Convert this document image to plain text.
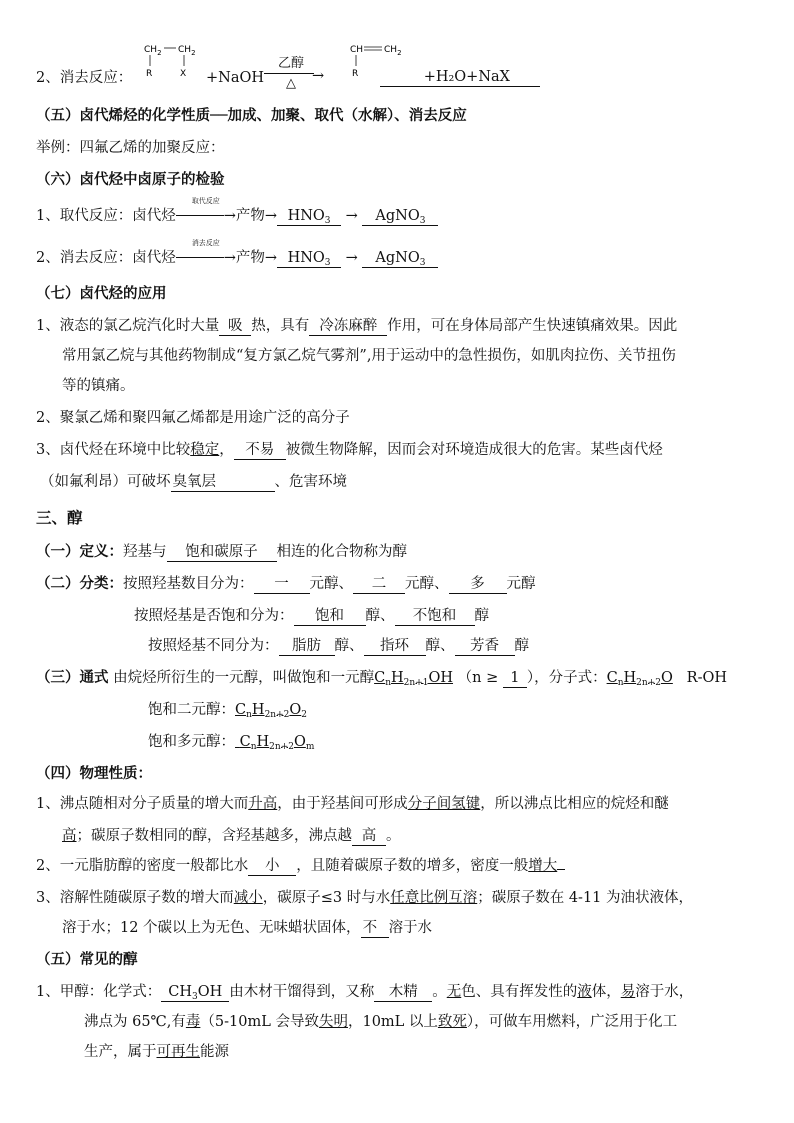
2、消去反应：
$CH_2$ $CH_2$
R	X +NaOH
乙醇
△	→
CH $CH_2$
R	+H₂O+NaX
（五）卤代烯烃的化学性质──加成、加聚、取代（水解）、消去反应
举例：四氟乙烯的加聚反应：
（六）卤代烃中卤原子的检验
1、取代反应：卤代烃
取代反应
→产物→ $HNO_3$ → AgNO$_3$
2、消去反应：卤代烃
消去反应
→产物→ $HNO_3$ → AgNO$_3$
（七）卤代烃的应用
1、液态的氯乙烷汽化时大量 吸 热，具有 冷冻麻醉 作用，可在身体局部产生快速镇痛效果。因此
常用氯乙烷与其他药物制成“复方氯乙烷气雾剂”,用于运动中的急性损伤，如肌肉拉伤、关节扭伤
等的镇痛。
2、聚氯乙烯和聚四氟乙烯都是用途广泛的高分子
3、卤代烃在环境中比较稳定， 不易 被微生物降解，因而会对环境造成很大的危害。某些卤代烃
（如氟利昂）可破坏 臭氧层	、危害环境
三、醇
（一）定义：羟基与 饱和碳原子 相连的化合物称为醇
（二）分类：按照羟基数目分为： 一 元醇、 二 元醇、 多 元醇
按照烃基是否饱和分为： 饱和 醇、 不饱和 醇
按照烃基不同分为： 脂肪 醇、 指环 醇、 芳香 醇
（三）通式 由烷烃所衍生的一元醇，叫做饱和一元醇$C_nH_{2n+1}OH$ （n ≥ 1 ），分子式：$C_nH_{2n+2}O$ R-OH
饱和二元醇：$C_nH_{2n+2}O_2$
饱和多元醇： $C_nH_{2n+2}O_m$
（四）物理性质：
1、沸点随相对分子质量的增大而升高，由于羟基间可形成分子间氢键，所以沸点比相应的烷烃和醚
高；碳原子数相同的醇，含羟基越多，沸点越 高 。
2、一元脂肪醇的密度一般都比水 小 ，且随着碳原子数的增多，密度一般增大
3、溶解性随碳原子数的增大而减小，碳原子≤3 时与水任意比例互溶；碳原子数在 4-11 为油状液体，
溶于水；12 个碳以上为无色、无味蜡状固体， 不 溶于水
（五）常见的醇
1、甲醇：化学式： $CH_3OH$ 由木材干馏得到，又称 木精 。无色、具有挥发性的液体，易溶于水，
沸点为 65℃,有毒（5-10mL 会导致失明，10mL 以上致死），可做车用燃料，广泛用于化工
生产，属于可再生能源
